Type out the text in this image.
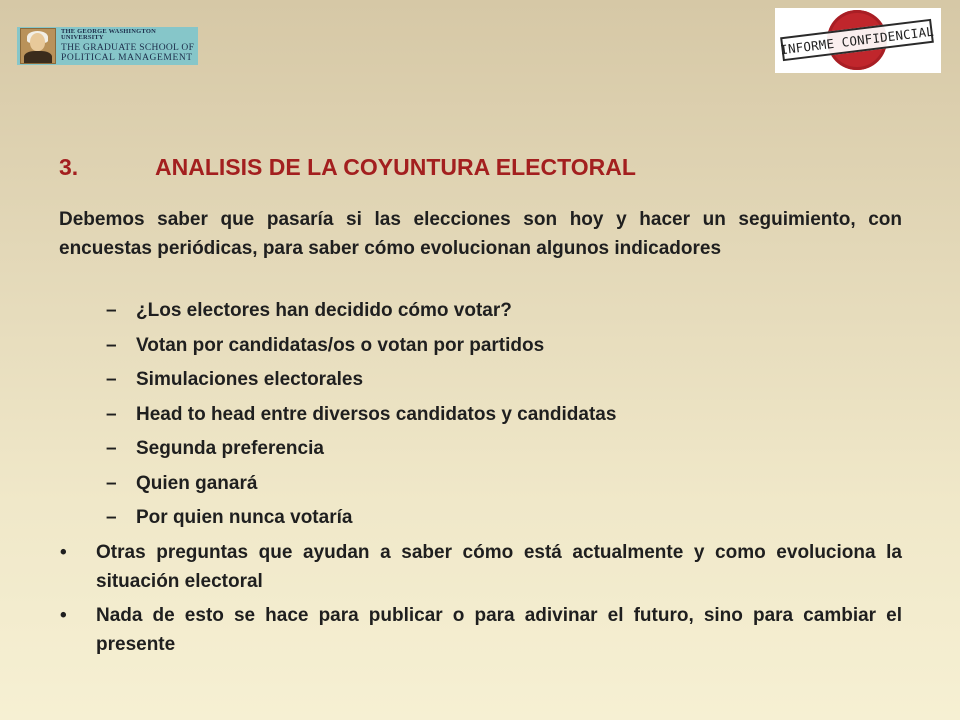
THE GEORGE WASHINGTON UNIVERSITY
THE GRADUATE SCHOOL OF
POLITICAL MANAGEMENT
INFORME CONFIDENCIAL
3.	ANALISIS DE LA COYUNTURA ELECTORAL

Debemos saber que pasaría si las elecciones son hoy y hacer un seguimiento, con encuestas periódicas, para saber cómo evolucionan algunos indicadores

–	¿Los electores han decidido cómo votar?
–	Votan por candidatas/os o votan por partidos
–	Simulaciones electorales
–	Head to head entre diversos candidatos y candidatas
–	Segunda preferencia
–	Quien ganará
–	Por quien nunca votaría
•	Otras preguntas que ayudan a saber cómo está actualmente y como evoluciona la situación electoral
•	Nada de esto se hace para publicar o para adivinar el futuro, sino para cambiar el presente
